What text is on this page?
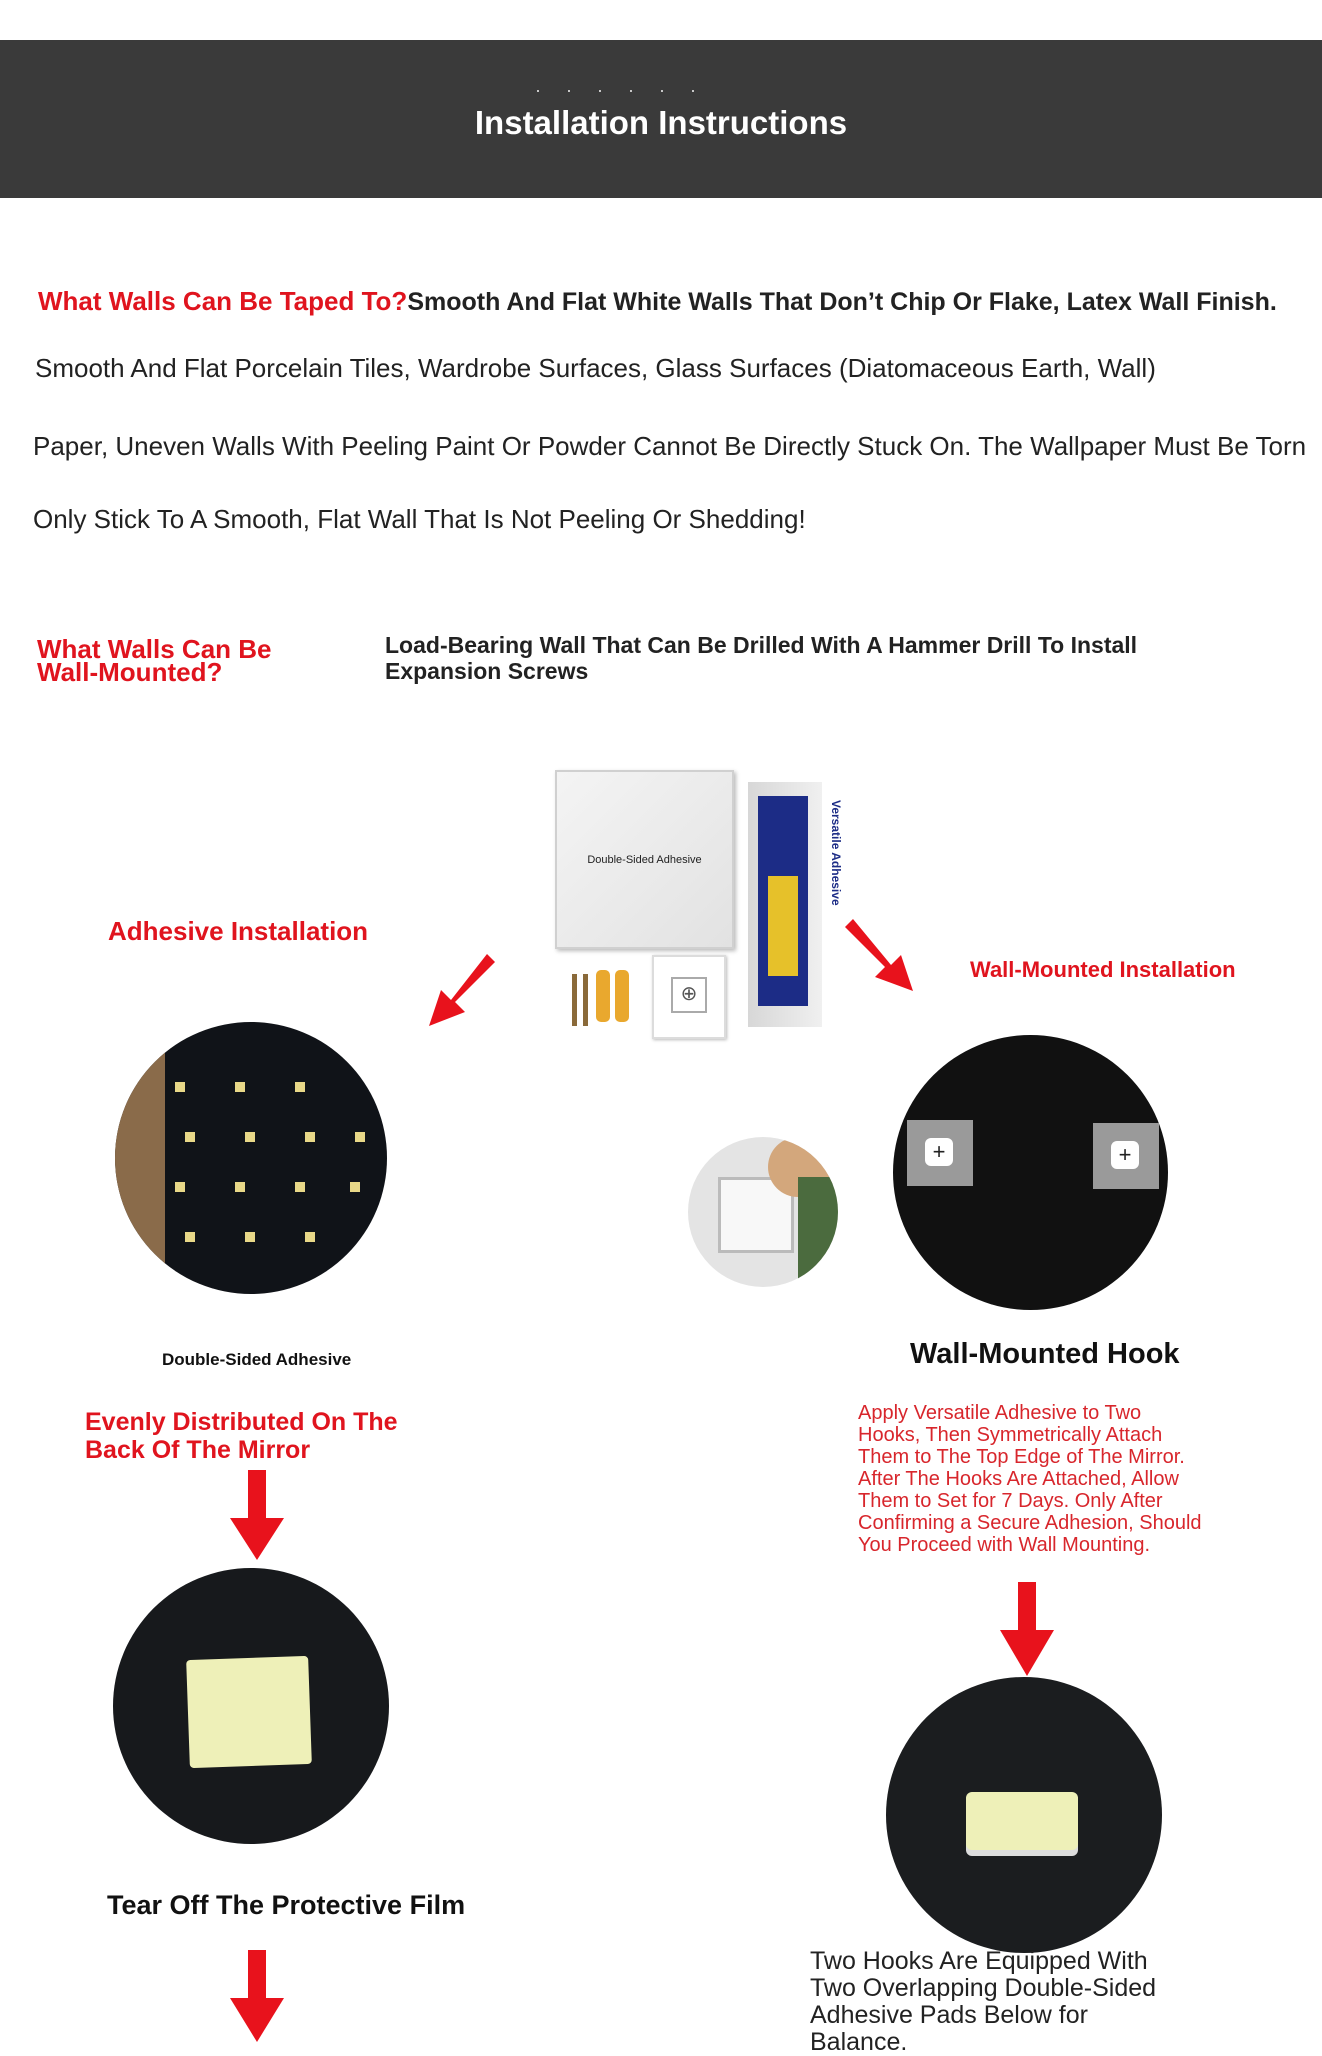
· · · · · ·
Installation Instructions
What Walls Can Be Taped To?Smooth And Flat White Walls That Don’t Chip Or Flake, Latex Wall Finish.
Smooth And Flat Porcelain Tiles, Wardrobe Surfaces, Glass Surfaces (Diatomaceous Earth, Wall)
Paper, Uneven Walls With Peeling Paint Or Powder Cannot Be Directly Stuck On. The Wallpaper Must Be Torn
Only Stick To A Smooth, Flat Wall That Is Not Peeling Or Shedding!
What Walls Can Be
Wall-Mounted?
Load-Bearing Wall That Can Be Drilled With A Hammer Drill To Install
Expansion Screws
Double-Sided Adhesive	Versatile Adhesive
⊕
Adhesive Installation
Double-Sided Adhesive
Evenly Distributed On The
Back Of The Mirror
Tear Off The Protective Film
Wall-Mounted Installation
+	+
Wall-Mounted Hook
Apply Versatile Adhesive to Two
Hooks, Then Symmetrically Attach
Them to The Top Edge of The Mirror.
After The Hooks Are Attached, Allow
Them to Set for 7 Days. Only After
Confirming a Secure Adhesion, Should
You Proceed with Wall Mounting.
Two Hooks Are Equipped With
Two Overlapping Double-Sided
Adhesive Pads Below for
Balance.
